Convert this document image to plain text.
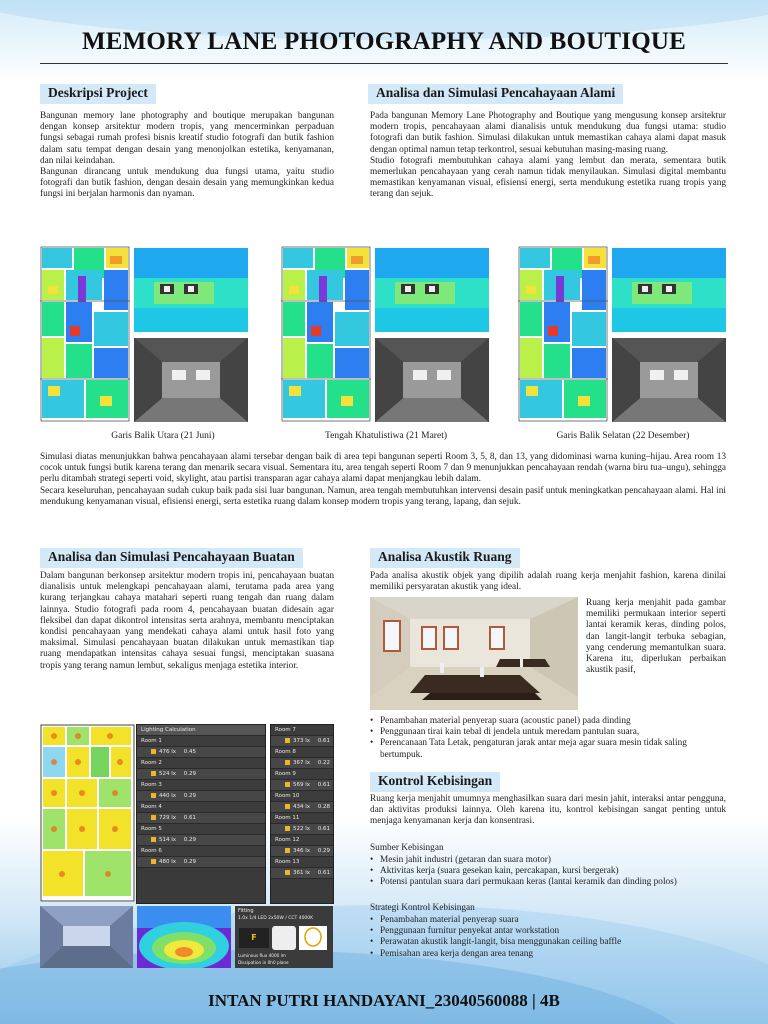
MEMORY LANE PHOTOGRAPHY AND BOUTIQUE
Deskripsi Project

Bangunan memory lane photography and boutique merupakan bangunan dengan konsep arsitektur modern tropis, yang mencerminkan perpaduan fungsi sebagai rumah profesi bisnis kreatif studio fotografi dan butik fashion dalam satu tempat dengan desain yang menonjolkan estetika, kenyamanan, dan nilai keindahan.

Bangunan dirancang untuk mendukung dua fungsi utama, yaitu studio fotografi dan butik fashion, dengan desain desain yang memungkinkan kedua fungsi ini berjalan harmonis dan nyaman.

Analisa dan Simulasi Pencahayaan Alami

Pada bangunan Memory Lane Photography and Boutique yang mengusung konsep arsitektur modern tropis, pencahayaan alami dianalisis untuk mendukung dua fungsi utama: studio fotografi dan butik fashion. Simulasi dilakukan untuk memastikan cahaya alami dapat masuk dengan optimal namun tetap terkontrol, sesuai kebutuhan masing-masing ruang.

Studio fotografi membutuhkan cahaya alami yang lembut dan merata, sementara butik memerlukan pencahayaan yang cerah namun tidak menyilaukan. Simulasi digital membantu memastikan kenyamanan visual, efisiensi energi, serta mendukung estetika ruang tropis yang terang dan sejuk.

Garis Balik Utara (21 Juni)	Tengah Khatulistiwa (21 Maret)	Garis Balik Selatan (22 Desember)

Simulasi diatas menunjukkan bahwa pencahayaan alami tersebar dengan baik di area tepi bangunan seperti Room 3, 5, 8, dan 13, yang didominasi warna kuning–hijau. Area room 13 cocok untuk fungsi butik karena terang dan menarik secara visual. Sementara itu, area tengah seperti Room 7 dan 9 menunjukkan pencahayaan rendah (warna biru tua–ungu), sehingga perlu ditambah strategi seperti void, skylight, atau partisi transparan agar cahaya alami dapat menjangkau lebih dalam.

Secara keseluruhan, pencahayaan sudah cukup baik pada sisi luar bangunan. Namun, area tengah membutuhkan intervensi desain pasif untuk meningkatkan pencahayaan alami. Hal ini mendukung kenyamanan visual, efisiensi energi, serta estetika ruang dalam konsep modern tropis yang terang, lapang, dan sejuk.

Analisa dan Simulasi Pencahayaan Buatan

Dalam bangunan berkonsep arsitektur modern tropis ini, pencahayaan buatan dianalisis untuk melengkapi pencahayaan alami, terutama pada area yang kurang terjangkau cahaya matahari seperti ruang tengah dan ruang dalam lainnya. Studio fotografi pada room 4, pencahayaan buatan didesain agar fleksibel dan dapat dikontrol intensitas serta arahnya, membantu menciptakan kondisi pencahayaan yang mendekati cahaya alami untuk hasil foto yang maksimal. Simulasi pencahayaan buatan dilakukan untuk memastikan tiap ruang mendapatkan intensitas cahaya sesuai fungsi, menciptakan suasana tropis yang terang namun lembut, sekaligus menjaga estetika interior.

Lighting Calculation
Room 1
476 lx 0.45
Room 2
524 lx 0.29
Room 3
440 lx 0.29
Room 4
729 lx 0.61
Room 5
514 lx 0.29
Room 6
480 lx 0.29
Room 7
373 lx 0.61
Room 8
367 lx 0.22
Room 9
569 lx 0.61
Room 10
434 lx 0.28
Room 11
522 lx 0.61
Room 12
346 lx 0.29
Room 13
361 lx 0.61
Fitting
1.0x 1/4 LED 2x50W / CCT 4000K
F
Luminous flux 4000 lm
Dissipation in 0h0 plane
Analisa Akustik Ruang
Pada analisa akustik objek yang dipilih adalah ruang kerja menjahit fashion, karena dinilai memiliki persyaratan akustik yang ideal.
Ruang kerja menjahit pada gambar memiliki permukaan interior seperti lantai keramik keras, dinding polos, dan langit-langit terbuka sebagian, yang cenderung memantulkan suara. Karena itu, diperlukan perbaikan akustik pasif,
• Penambahan material penyerap suara (acoustic panel) pada dinding
• Penggunaan tirai kain tebal di jendela untuk meredam pantulan suara,
• Perencanaan Tata Letak, pengaturan jarak antar meja agar suara mesin tidak saling bertumpuk.
Kontrol Kebisingan
Ruang kerja menjahit umumnya menghasilkan suara dari mesin jahit, interaksi antar pengguna, dan aktivitas produksi lainnya. Oleh karena itu, kontrol kebisingan sangat penting untuk menjaga kenyamanan kerja dan konsentrasi.
Sumber Kebisingan
• Mesin jahit industri (getaran dan suara motor)
• Aktivitas kerja (suara gesekan kain, percakapan, kursi bergerak)
• Potensi pantulan suara dari permukaan keras (lantai keramik dan dinding polos)
Strategi Kontrol Kebisingan
• Penambahan material penyerap suara
• Penggunaan furnitur penyekat antar workstation
• Perawatan akustik langit-langit, bisa menggunakan ceiling baffle
• Pemisahan area kerja dengan area tenang
INTAN PUTRI HANDAYANI_23040560088 | 4B
